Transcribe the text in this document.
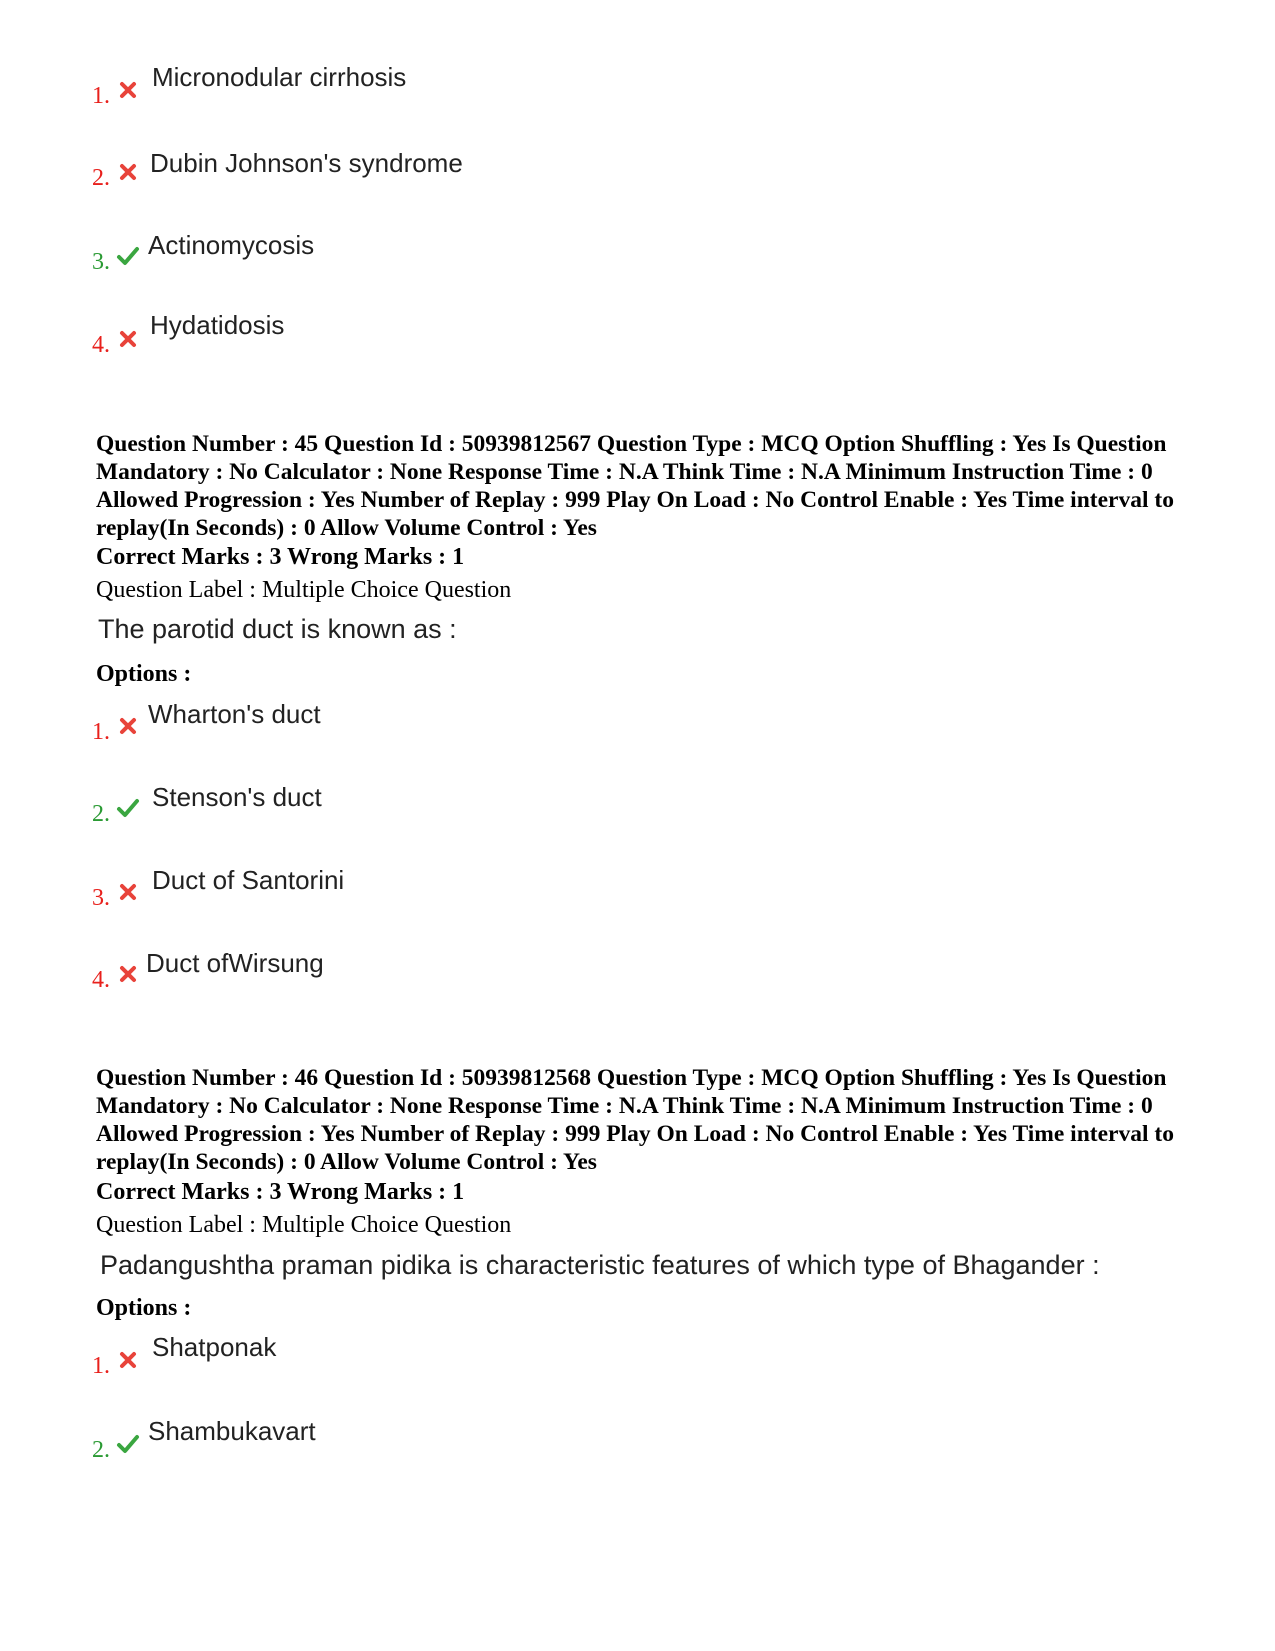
1.
Micronodular cirrhosis
2. Dubin Johnson's syndrome
3.
Actinomycosis
4.
Hydatidosis

Question Number : 45 Question Id : 50939812567 Question Type : MCQ Option Shuffling : Yes Is Question Mandatory : No Calculator : None Response Time : N.A Think Time : N.A Minimum Instruction Time : 0 Allowed Progression : Yes Number of Replay : 999 Play On Load : No Control Enable : Yes Time interval to replay(In Seconds) : 0 Allow Volume Control : Yes

Correct Marks : 3 Wrong Marks : 1
Question Label : Multiple Choice Question
The parotid duct is known as :
Options :
1.
Wharton's duct
2.
Stenson's duct
3.
Duct of Santorini
4.
Duct ofWirsung

Question Number : 46 Question Id : 50939812568 Question Type : MCQ Option Shuffling : Yes Is Question Mandatory : No Calculator : None Response Time : N.A Think Time : N.A Minimum Instruction Time : 0 Allowed Progression : Yes Number of Replay : 999 Play On Load : No Control Enable : Yes Time interval to replay(In Seconds) : 0 Allow Volume Control : Yes

Correct Marks : 3 Wrong Marks : 1
Question Label : Multiple Choice Question
Padangushtha praman pidika is characteristic features of which type of Bhagander :
Options :
1.
Shatponak
2.
Shambukavart
